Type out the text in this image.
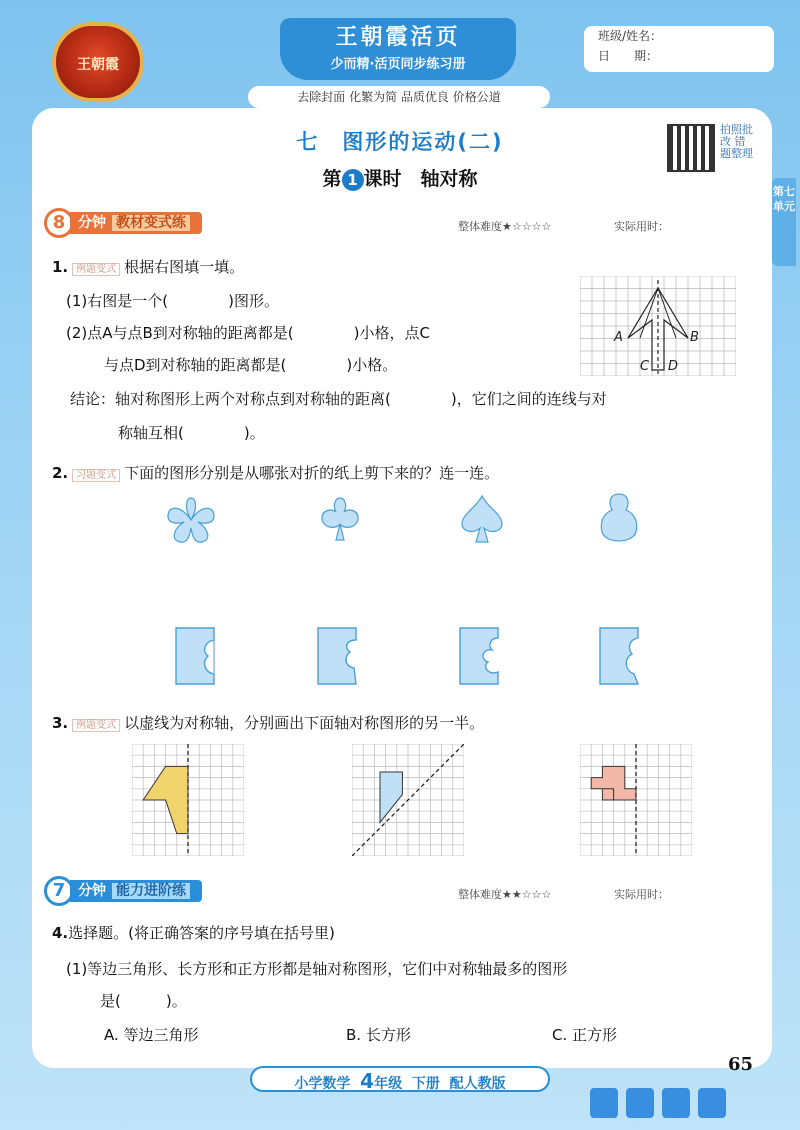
王朝霞
王朝霞活页
少而精·活页同步练习册
去除封面 化繁为简 品质优良 价格公道
班级/姓名：
日　　期：
第七单元
拍照批改 错题整理
七　图形的运动(二)
第 1 课时　轴对称
8 分钟 教材变式练	整体难度★☆☆☆☆	实际用时：
1. 例题变式 根据右图填一填。
(1)右图是一个(　　　　)图形。
(2)点A与点B到对称轴的距离都是(　　　　)小格，点C
与点D到对称轴的距离都是(　　　　)小格。
结论：轴对称图形上两个对称点到对称轴的距离(　　　　)，它们之间的连线与对
称轴互相(　　　　)。
A	B
C D
2. 习题变式 下面的图形分别是从哪张对折的纸上剪下来的？连一连。
3. 例题变式 以虚线为对称轴，分别画出下面轴对称图形的另一半。
7 分钟 能力进阶练	整体难度★★☆☆☆	实际用时：
4.选择题。(将正确答案的序号填在括号里)
(1)等边三角形、长方形和正方形都是轴对称图形，它们中对称轴最多的图形
是(　　　)。
A. 等边三角形	B. 长方形	C. 正方形
小学数学 4年级 下册 配人教版
65
